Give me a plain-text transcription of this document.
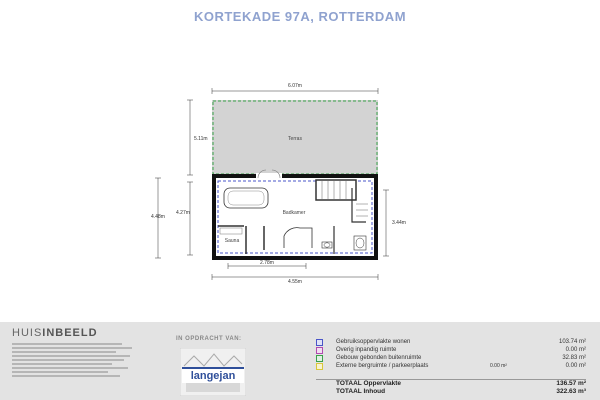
KORTEKADE 97A, ROTTERDAM
Terras
Badkamer
Sauna
6.07m
5.11m
4.48m
4.27m
3.44m
2.78m
4.55m
HUISINBEELD	IN OPDRACHT VAN:
langejan
Gebruiksoppervlakte wonen	103.74 m²
Overig inpandig ruimte	0.00 m²
Gebouw gebonden buitenruimte	32.83 m²
Externe bergruimte / parkeerplaats	0.00 m²	0.00 m²
TOTAAL Oppervlakte	136.57 m²
TOTAAL Inhoud	322.63 m³
